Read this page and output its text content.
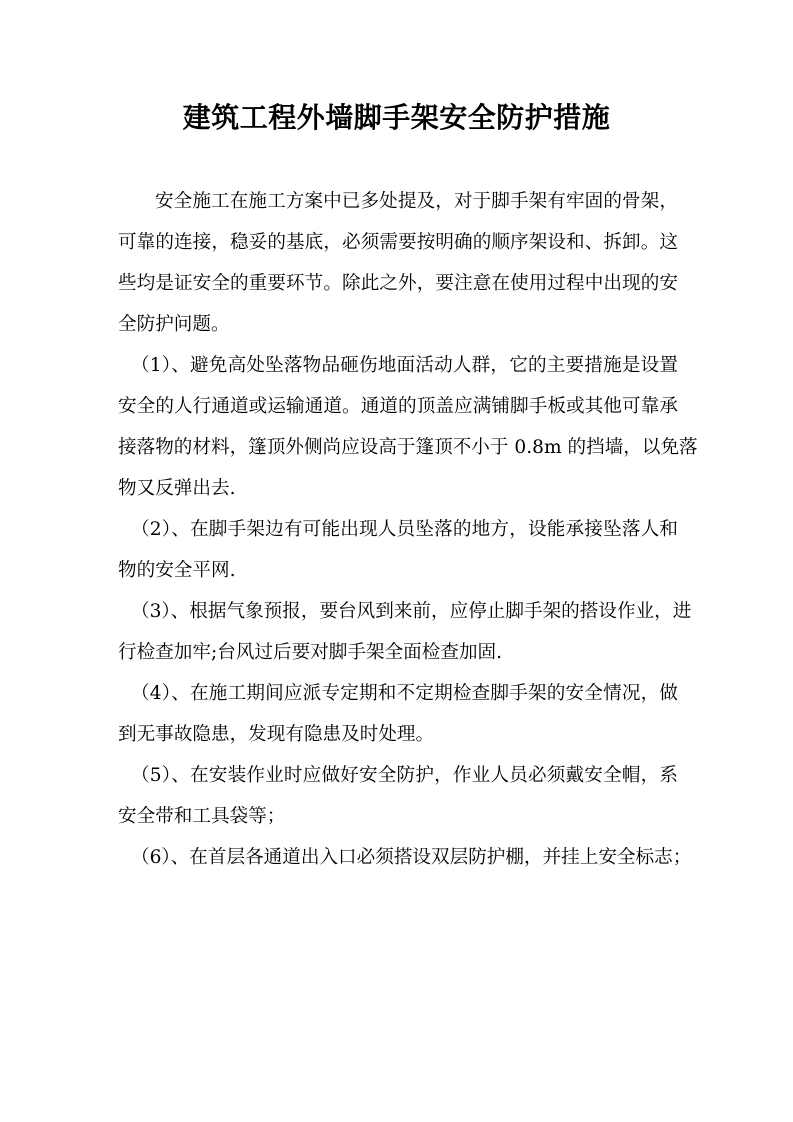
建筑工程外墙脚手架安全防护措施
安全施工在施工方案中已多处提及，对于脚手架有牢固的骨架，
可靠的连接，稳妥的基底，必须需要按明确的顺序架设和、拆卸。这
些均是证安全的重要环节。除此之外，要注意在使用过程中出现的安
全防护问题。
（1）、避免高处坠落物品砸伤地面活动人群，它的主要措施是设置
安全的人行通道或运输通道。通道的顶盖应满铺脚手板或其他可靠承
接落物的材料，篷顶外侧尚应设高于篷顶不小于 0.8m 的挡墙，以免落
物又反弹出去.
（2）、在脚手架边有可能出现人员坠落的地方，设能承接坠落人和
物的安全平网.
（3）、根据气象预报，要台风到来前，应停止脚手架的搭设作业，进
行检查加牢;台风过后要对脚手架全面检查加固.
（4）、在施工期间应派专定期和不定期检查脚手架的安全情况，做
到无事故隐患，发现有隐患及时处理。
（5）、在安装作业时应做好安全防护，作业人员必须戴安全帽，系
安全带和工具袋等；
（6）、在首层各通道出入口必须搭设双层防护棚，并挂上安全标志；
